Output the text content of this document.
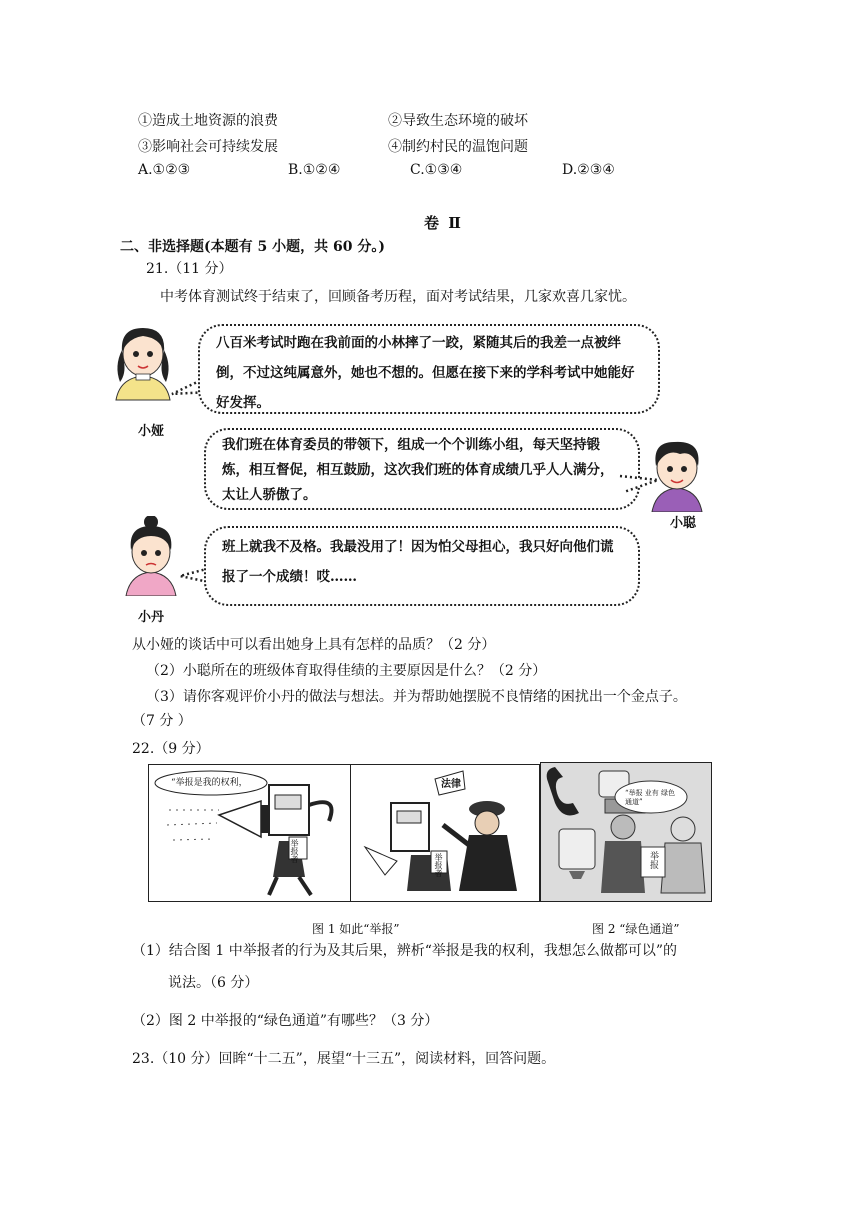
①造成土地资源的浪费	②导致生态环境的破坏
③影响社会可持续发展	④制约村民的温饱问题
A.①②③	B.①②④	C.①③④	D.②③④
卷 Ⅱ
二、非选择题(本题有 5 小题，共 60 分。)
21.（11 分）
中考体育测试终于结束了，回顾备考历程，面对考试结果，几家欢喜几家忧。
小娅
八百米考试时跑在我前面的小林摔了一跤，紧随其后的我差一点被绊倒，不过这纯属意外，她也不想的。但愿在接下来的学科考试中她能好好发挥。
我们班在体育委员的带领下，组成一个个训练小组，每天坚持锻炼，相互督促，相互鼓励，这次我们班的体育成绩几乎人人满分，太让人骄傲了。
小聪
小丹
班上就我不及格。我最没用了！因为怕父母担心，我只好向他们谎报了一个成绩！哎……
从小娅的谈话中可以看出她身上具有怎样的品质？（2 分）
（2）小聪所在的班级体育取得佳绩的主要原因是什么？（2 分）
（3）请你客观评价小丹的做法与想法。并为帮助她摆脱不良情绪的困扰出一个金点子。
（7 分 ）
22.（9 分）
“举报是我的权利，
举报者
法律
举报者
“举报 业有 绿色通道”
举报
图 1 如此“举报”	图 2 “绿色通道”
（1）结合图 1 中举报者的行为及其后果，辨析“举报是我的权利，我想怎么做都可以”的
说法。（6 分）
（2）图 2 中举报的“绿色通道”有哪些？（3 分）
23.（10 分）回眸“十二五”，展望“十三五”，阅读材料，回答问题。
